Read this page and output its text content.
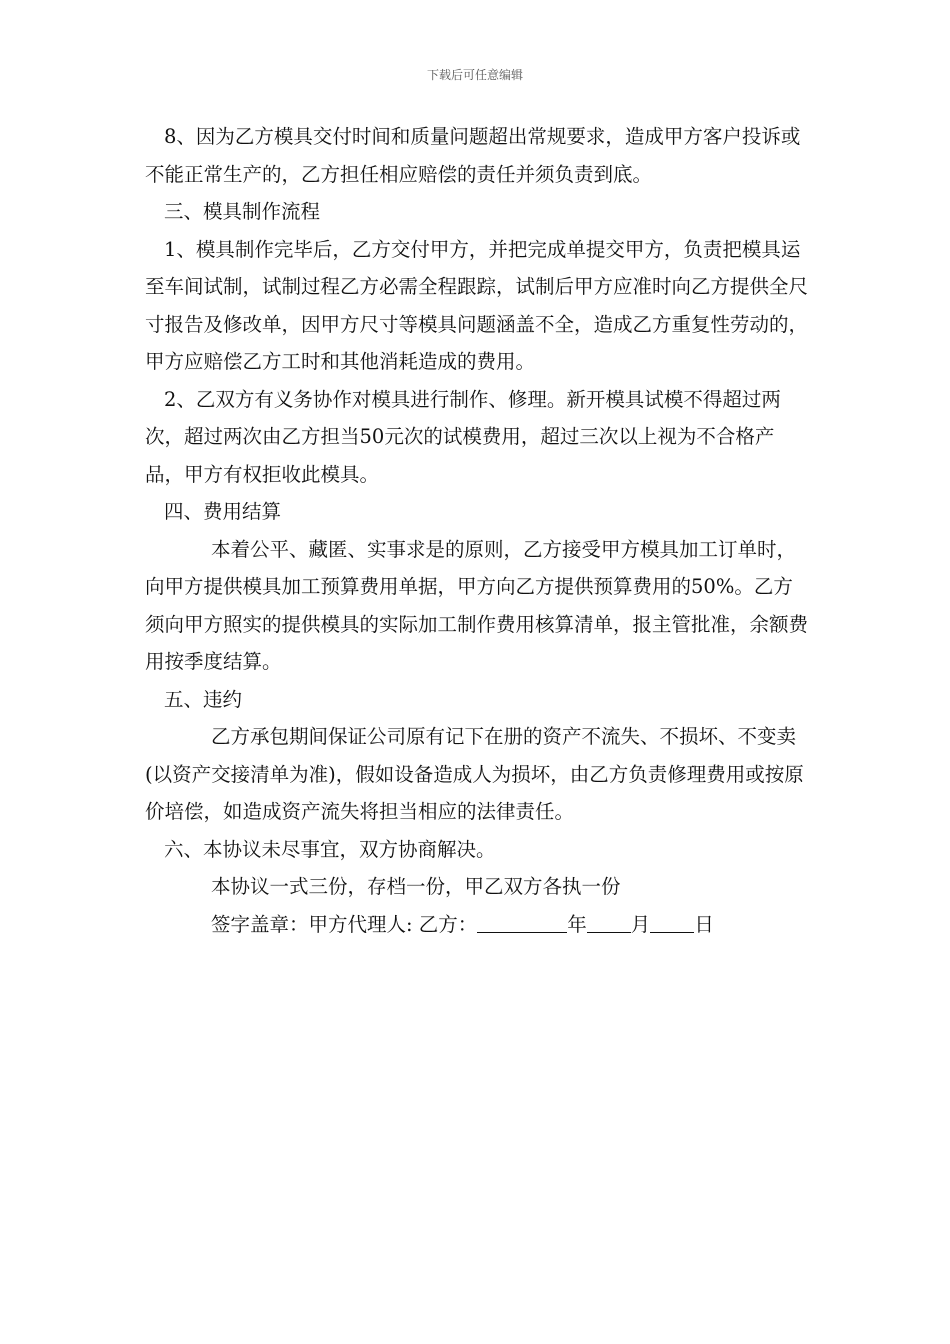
下载后可任意编辑

8、因为乙方模具交付时间和质量问题超出常规要求，造成甲方客户投诉或不能正常生产的，乙方担任相应赔偿的责任并须负责到底。

三、模具制作流程

1、模具制作完毕后，乙方交付甲方，并把完成单提交甲方，负责把模具运至车间试制，试制过程乙方必需全程跟踪，试制后甲方应准时向乙方提供全尺寸报告及修改单，因甲方尺寸等模具问题涵盖不全，造成乙方重复性劳动的，甲方应赔偿乙方工时和其他消耗造成的费用。

2、乙双方有义务协作对模具进行制作、修理。新开模具试模不得超过两次，超过两次由乙方担当50元次的试模费用，超过三次以上视为不合格产品，甲方有权拒收此模具。

四、费用结算

本着公平、藏匿、实事求是的原则，乙方接受甲方模具加工订单时，向甲方提供模具加工预算费用单据，甲方向乙方提供预算费用的50%。乙方须向甲方照实的提供模具的实际加工制作费用核算清单，报主管批准，余额费用按季度结算。

五、违约

乙方承包期间保证公司原有记下在册的资产不流失、不损坏、不变卖(以资产交接清单为准)，假如设备造成人为损坏，由乙方负责修理费用或按原价培偿，如造成资产流失将担当相应的法律责任。

六、本协议未尽事宜，双方协商解决。

本协议一式三份，存档一份，甲乙双方各执一份

签字盖章：甲方代理人: 乙方：	年 月 日
